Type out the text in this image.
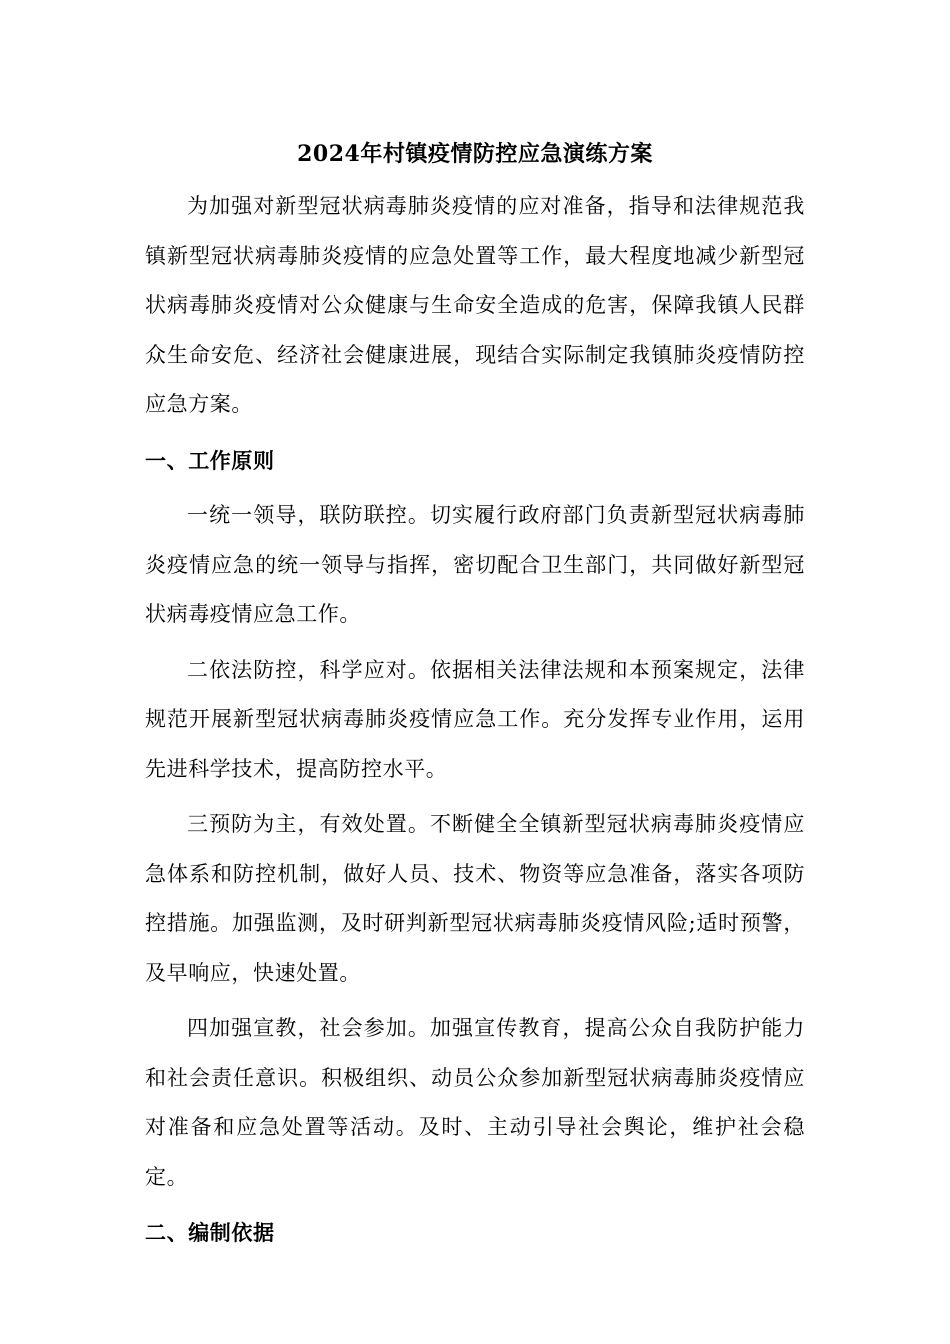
2024年村镇疫情防控应急演练方案

为加强对新型冠状病毒肺炎疫情的应对准备，指导和法律规范我镇新型冠状病毒肺炎疫情的应急处置等工作，最大程度地减少新型冠状病毒肺炎疫情对公众健康与生命安全造成的危害，保障我镇人民群众生命安危、经济社会健康进展，现结合实际制定我镇肺炎疫情防控应急方案。

一、工作原则

一统一领导，联防联控。切实履行政府部门负责新型冠状病毒肺炎疫情应急的统一领导与指挥，密切配合卫生部门，共同做好新型冠状病毒疫情应急工作。

二依法防控，科学应对。依据相关法律法规和本预案规定，法律规范开展新型冠状病毒肺炎疫情应急工作。充分发挥专业作用，运用先进科学技术，提高防控水平。

三预防为主，有效处置。不断健全全镇新型冠状病毒肺炎疫情应急体系和防控机制，做好人员、技术、物资等应急准备，落实各项防控措施。加强监测，及时研判新型冠状病毒肺炎疫情风险;适时预警，及早响应，快速处置。

四加强宣教，社会参加。加强宣传教育，提高公众自我防护能力和社会责任意识。积极组织、动员公众参加新型冠状病毒肺炎疫情应对准备和应急处置等活动。及时、主动引导社会舆论，维护社会稳定。

二、编制依据
